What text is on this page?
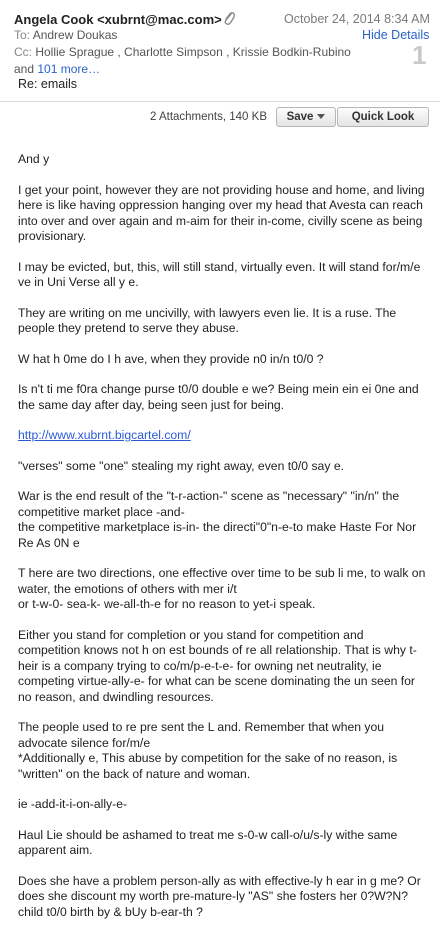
Angela Cook <xubrnt@mac.com>	October 24, 2014 8:34 AM
To: Andrew Doukas	Hide Details
Cc: Hollie Sprague , Charlotte Simpson , Krissie Bodkin-Rubino
and 101 more…	1
Re: emails
2 Attachments, 140 KB	Save	Quick Look

And y

I get your point, however they are not providing house and home, and living here is like having oppression hanging over my head that Avesta can reach into over and over again and m-aim for their in-come, civilly scene as being provisionary.

I may be evicted, but, this, will still stand, virtually even. It will stand for/m/e ve in Uni Verse all y e.

They are writing on me uncivilly, with lawyers even lie. It is a ruse. The people they pretend to serve they abuse.

W hat h 0me do I h ave, when they provide n0 in/n t0/0 ?

Is n't ti me f0ra change purse t0/0 double e we? Being mein ein ei 0ne and the same day after day, being seen just for being.

http://www.xubrnt.bigcartel.com/

"verses" some "one" stealing my right away, even t0/0 say e.

War is the end result of the "t-r-action-" scene as "necessary" "in/n" the competitive market place -and-
the competitive marketplace is-in- the directi"0"n-e-to make Haste For Nor Re As 0N e

T here are two directions, one effective over time to be sub li me, to walk on water, the emotions of others with mer i/t
or t-w-0- sea-k- we-all-th-e for no reason to yet-i speak.

Either you stand for completion or you stand for competition and competition knows not h on est bounds of re all relationship. That is why t-heir is a company trying to co/m/p-e-t-e- for owning net neutrality, ie competing virtue-ally-e- for what can be scene dominating the un seen for no reason, and dwindling resources.

The people used to re pre sent the L and. Remember that when you advocate silence for/m/e
*Additionally e, This abuse by competition for the sake of no reason, is "written" on the back of nature and woman.

ie -add-it-i-on-ally-e-

Haul Lie should be ashamed to treat me s-0-w call-o/u/s-ly withe same apparent aim.

Does she have a problem person-ally as with effective-ly h ear in g me? Or does she discount my worth pre-mature-ly "AS" she fosters her 0?W?N?
child t0/0 birth by & bUy b-ear-th ?
